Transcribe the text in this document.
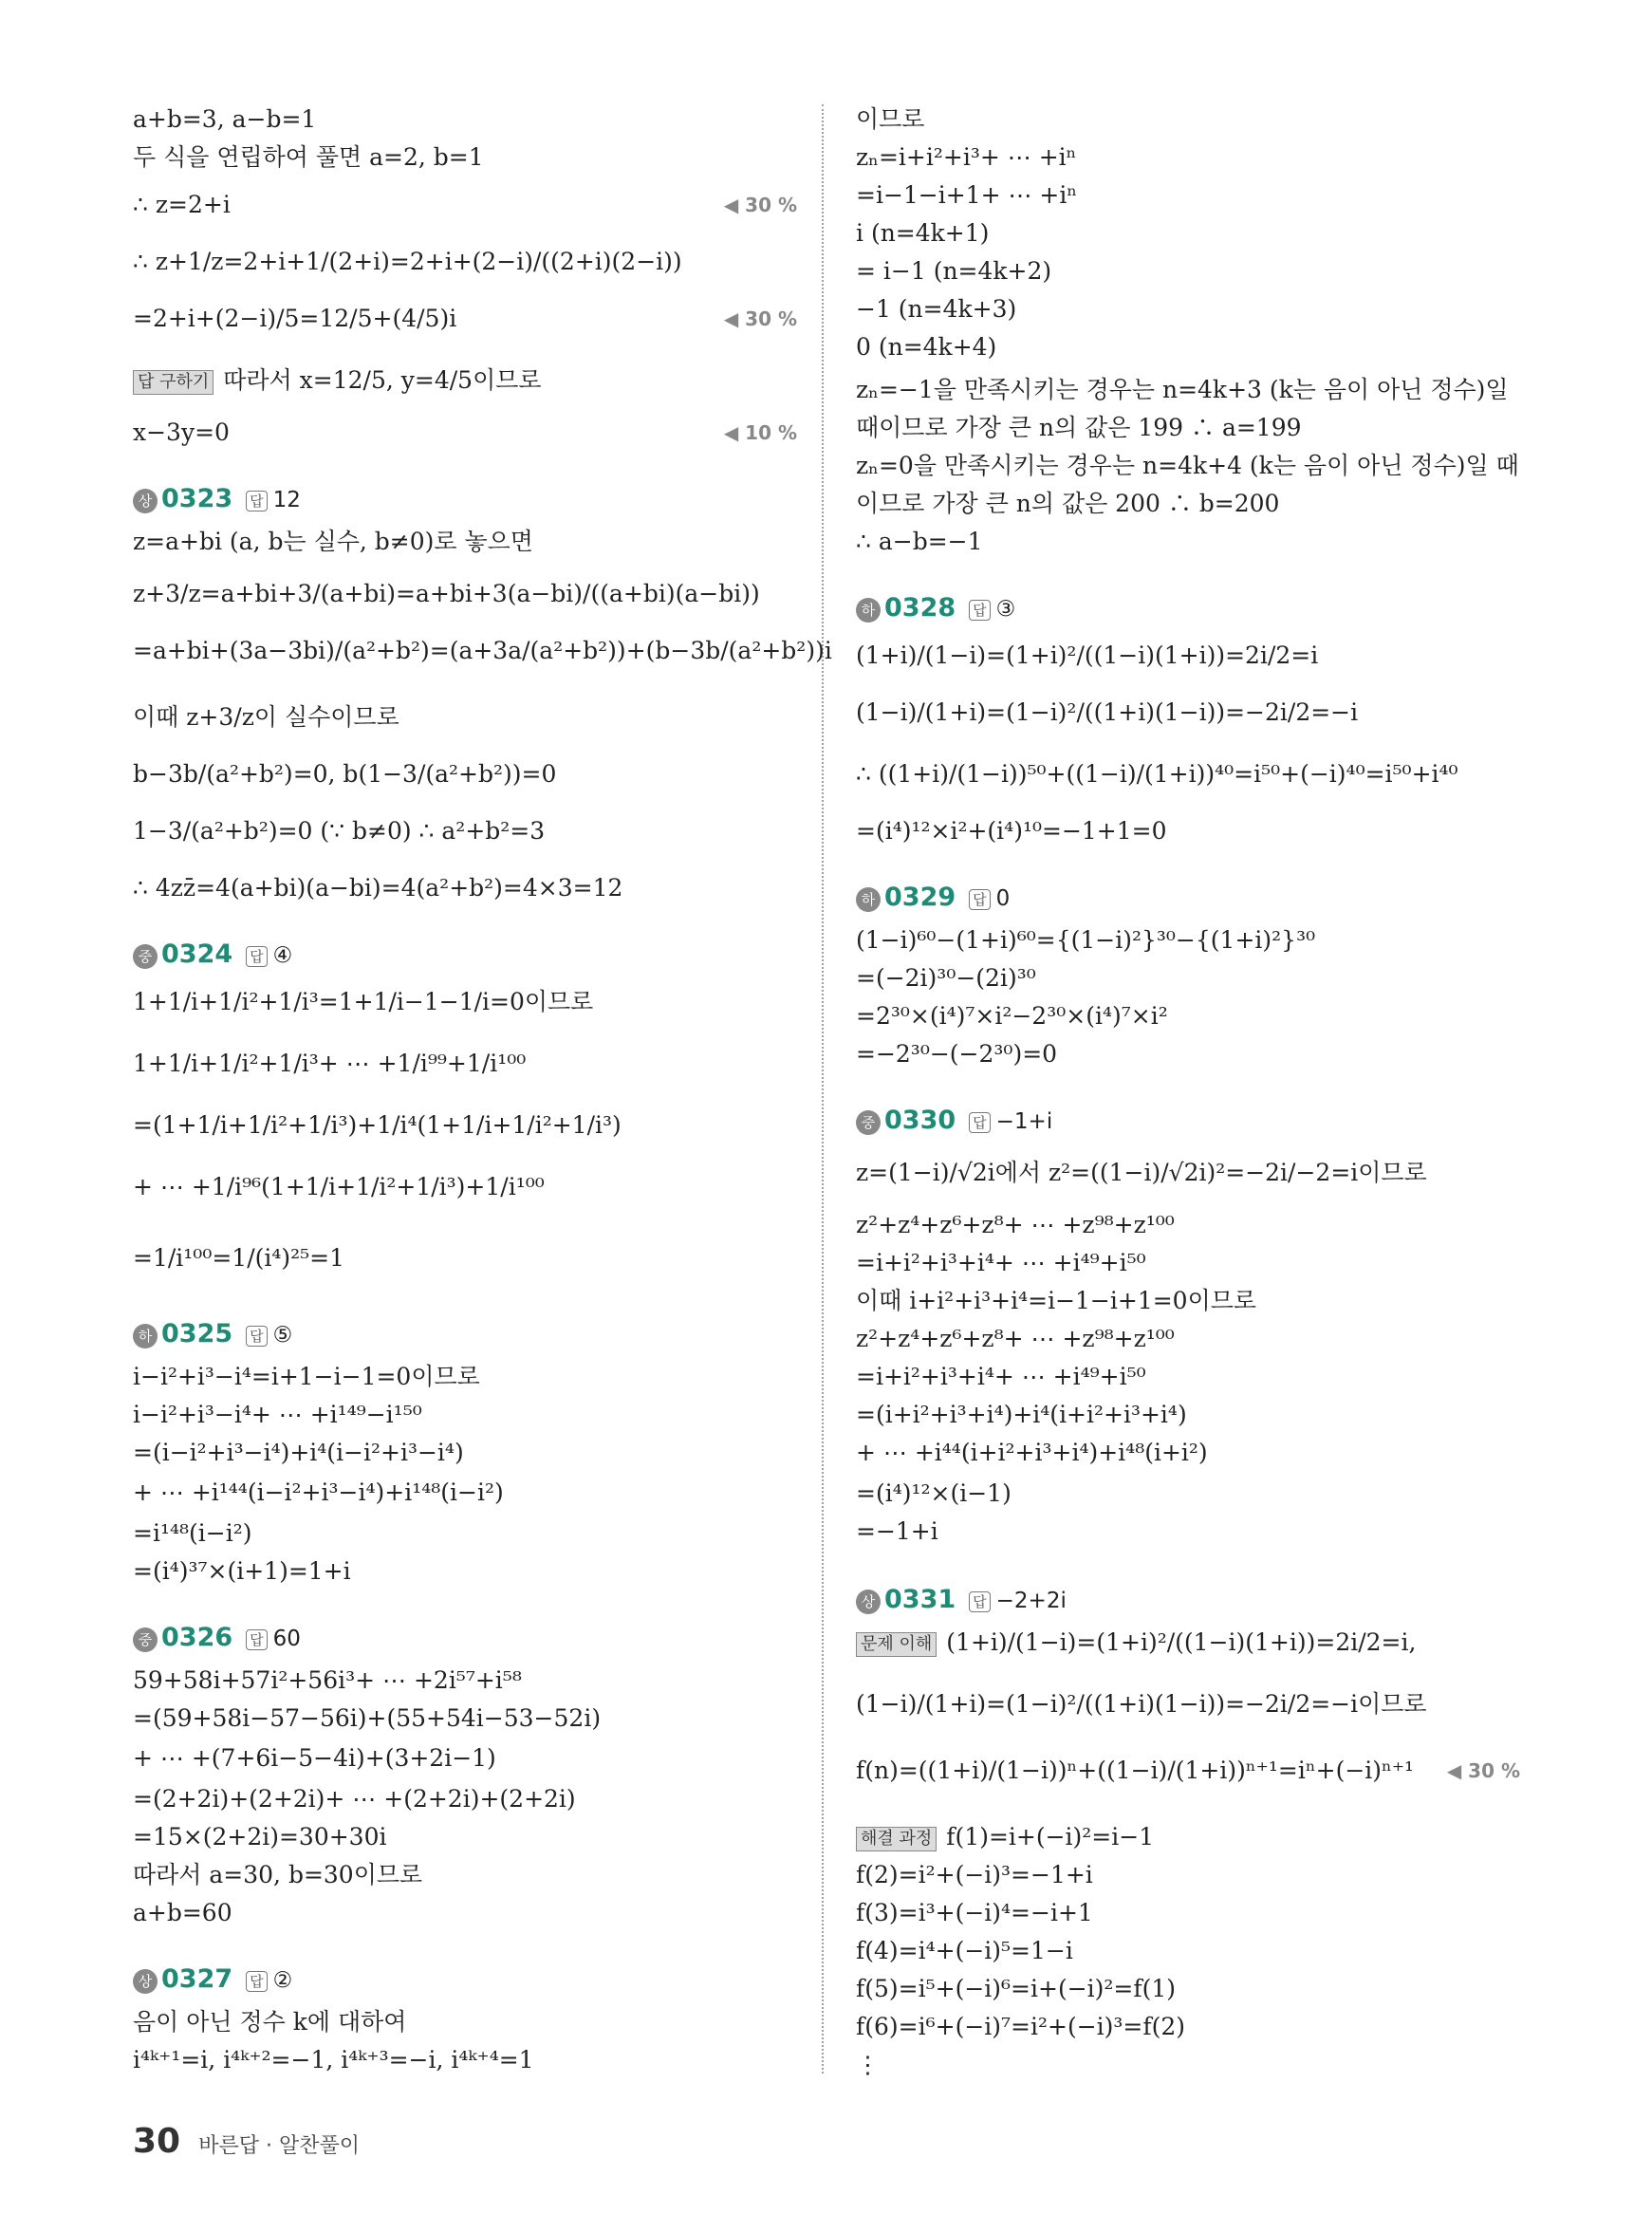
a+b=3, a−b=1
두 식을 연립하여 풀면 a=2, b=1
∴ z=2+i	◀ 30 %
∴ z+1/z=2+i+1/(2+i)=2+i+(2−i)/((2+i)(2−i))
=2+i+(2−i)/5=12/5+(4/5)i	◀ 30 %
답 구하기 따라서 x=12/5, y=4/5이므로
x−3y=0	◀ 10 %
상 0323 답 12
z=a+bi (a, b는 실수, b≠0)로 놓으면
z+3/z=a+bi+3/(a+bi)=a+bi+3(a−bi)/((a+bi)(a−bi))
=a+bi+(3a−3bi)/(a²+b²)=(a+3a/(a²+b²))+(b−3b/(a²+b²))i
이때 z+3/z이 실수이므로
b−3b/(a²+b²)=0, b(1−3/(a²+b²))=0
1−3/(a²+b²)=0 (∵ b≠0) ∴ a²+b²=3
∴ 4zz̄=4(a+bi)(a−bi)=4(a²+b²)=4×3=12
중 0324 답 ④
1+1/i+1/i²+1/i³=1+1/i−1−1/i=0이므로
1+1/i+1/i²+1/i³+ ⋯ +1/i⁹⁹+1/i¹⁰⁰
=(1+1/i+1/i²+1/i³)+1/i⁴(1+1/i+1/i²+1/i³)
+ ⋯ +1/i⁹⁶(1+1/i+1/i²+1/i³)+1/i¹⁰⁰
=1/i¹⁰⁰=1/(i⁴)²⁵=1
하 0325 답 ⑤
i−i²+i³−i⁴=i+1−i−1=0이므로
i−i²+i³−i⁴+ ⋯ +i¹⁴⁹−i¹⁵⁰
=(i−i²+i³−i⁴)+i⁴(i−i²+i³−i⁴)
+ ⋯ +i¹⁴⁴(i−i²+i³−i⁴)+i¹⁴⁸(i−i²)
=i¹⁴⁸(i−i²)
=(i⁴)³⁷×(i+1)=1+i
중 0326 답 60
59+58i+57i²+56i³+ ⋯ +2i⁵⁷+i⁵⁸
=(59+58i−57−56i)+(55+54i−53−52i)
+ ⋯ +(7+6i−5−4i)+(3+2i−1)
=(2+2i)+(2+2i)+ ⋯ +(2+2i)+(2+2i)
=15×(2+2i)=30+30i
따라서 a=30, b=30이므로
a+b=60
상 0327 답 ②
음이 아닌 정수 k에 대하여
i⁴ᵏ⁺¹=i, i⁴ᵏ⁺²=−1, i⁴ᵏ⁺³=−i, i⁴ᵏ⁺⁴=1
이므로
zₙ=i+i²+i³+ ⋯ +iⁿ
=i−1−i+1+ ⋯ +iⁿ
i (n=4k+1)
= i−1 (n=4k+2)
−1 (n=4k+3)
0 (n=4k+4)
zₙ=−1을 만족시키는 경우는 n=4k+3 (k는 음이 아닌 정수)일
때이므로 가장 큰 n의 값은 199 ∴ a=199
zₙ=0을 만족시키는 경우는 n=4k+4 (k는 음이 아닌 정수)일 때
이므로 가장 큰 n의 값은 200 ∴ b=200
∴ a−b=−1
하 0328 답 ③
(1+i)/(1−i)=(1+i)²/((1−i)(1+i))=2i/2=i
(1−i)/(1+i)=(1−i)²/((1+i)(1−i))=−2i/2=−i
∴ ((1+i)/(1−i))⁵⁰+((1−i)/(1+i))⁴⁰=i⁵⁰+(−i)⁴⁰=i⁵⁰+i⁴⁰
=(i⁴)¹²×i²+(i⁴)¹⁰=−1+1=0
하 0329 답 0
(1−i)⁶⁰−(1+i)⁶⁰={(1−i)²}³⁰−{(1+i)²}³⁰
=(−2i)³⁰−(2i)³⁰
=2³⁰×(i⁴)⁷×i²−2³⁰×(i⁴)⁷×i²
=−2³⁰−(−2³⁰)=0
중 0330 답 −1+i
z=(1−i)/√2i에서 z²=((1−i)/√2i)²=−2i/−2=i이므로
z²+z⁴+z⁶+z⁸+ ⋯ +z⁹⁸+z¹⁰⁰
=i+i²+i³+i⁴+ ⋯ +i⁴⁹+i⁵⁰
이때 i+i²+i³+i⁴=i−1−i+1=0이므로
z²+z⁴+z⁶+z⁸+ ⋯ +z⁹⁸+z¹⁰⁰
=i+i²+i³+i⁴+ ⋯ +i⁴⁹+i⁵⁰
=(i+i²+i³+i⁴)+i⁴(i+i²+i³+i⁴)
+ ⋯ +i⁴⁴(i+i²+i³+i⁴)+i⁴⁸(i+i²)
=(i⁴)¹²×(i−1)
=−1+i
상 0331 답 −2+2i
문제 이해 (1+i)/(1−i)=(1+i)²/((1−i)(1+i))=2i/2=i,
(1−i)/(1+i)=(1−i)²/((1+i)(1−i))=−2i/2=−i이므로
f(n)=((1+i)/(1−i))ⁿ+((1−i)/(1+i))ⁿ⁺¹=iⁿ+(−i)ⁿ⁺¹ ◀ 30 %
해결 과정 f(1)=i+(−i)²=i−1
f(2)=i²+(−i)³=−1+i
f(3)=i³+(−i)⁴=−i+1
f(4)=i⁴+(−i)⁵=1−i
f(5)=i⁵+(−i)⁶=i+(−i)²=f(1)
f(6)=i⁶+(−i)⁷=i²+(−i)³=f(2)
⋮
30 바른답 · 알찬풀이
